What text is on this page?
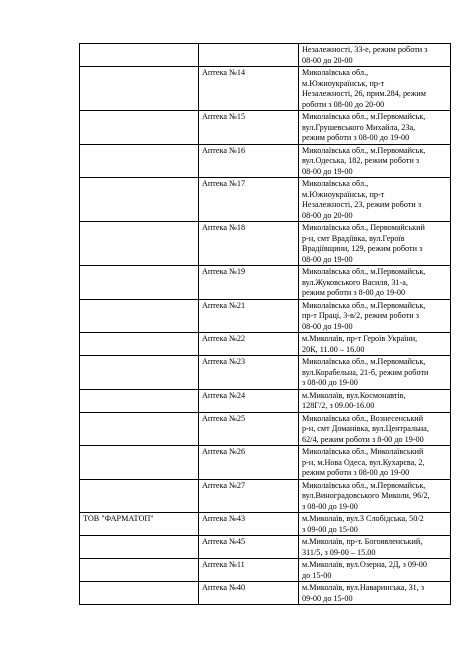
		Незалежності, 33-е, режим роботи з
08-00 до 20-00

	Аптека №14	Миколаївська обл.,
м.Южноукраїнськ, пр-т
Незалежності, 26, прим.284, режим
роботи з 08-00 до 20-00

	Аптека №15	Миколаївська обл., м.Первомайськ,
вул.Грушевського Михайла, 23а,
режим роботи з 08-00 до 19-00

	Аптека №16	Миколаївська обл., м.Первомайськ,
вул.Одеська, 182, режим роботи з
08-00 до 19-00

	Аптека №17	Миколаївська обл.,
м.Южноукраїнськ, пр-т
Незалежності, 23, режим роботи з
08-00 до 20-00

	Аптека №18	Миколаївська обл., Первомайський
р-н, смт Врадіївка, вул.Героїв
Врадіївщини, 129, режим роботи з
08-00 до 19-00

	Аптека №19	Миколаївська обл., м.Первомайськ,
вул.Жуковського Василя, 31-а,
режим роботи з 8-00 до 19-00

	Аптека №21	Миколаївська обл., м.Первомайськ,
пр-т Праці, 3-в/2, режим роботи з
08-00 до 19-00

	Аптека №22	м.Миколаїв, пр-т Героїв України,
20К, 11.00 – 16.00

	Аптека №23	Миколаївська обл., м.Первомайськ,
вул.Корабельна, 21-б, режим роботи
з 08-00 до 19-00

	Аптека №24	м.Миколаїв, вул.Космонавтів,
128Г/2, з 09.00-16.00

	Аптека №25	Миколаївська обл., Вознесенський
р-н, смт Доманівка, вул.Центральна,
62/4, режим роботи з 8-00 до 19-00

	Аптека №26	Миколаївська обл., Миколаївський
р-н, м.Нова Одеса, вул.Кухарєва, 2,
режим роботи з 08-00 до 19-00

	Аптека №27	Миколаївська обл., м.Первомайськ,
вул.Виноградовського Миколи, 96/2,
з 08-00 до 19-00

ТОВ "ФАРМАТОП"	Аптека №43	м.Миколаїв, вул.3 Слобідська, 50/2
з 09-00 до 15-00

	Аптека №45	м.Миколаїв, пр-т. Богоявленський,
311/5, з 09-00 – 15.00

	Аптека №11	м.Миколаїв, вул.Озерна, 2Д, з 09-00
до 15-00

	Аптека №40	м.Миколаїв, вул.Наваринська, 31, з
09-00 до 15-00
